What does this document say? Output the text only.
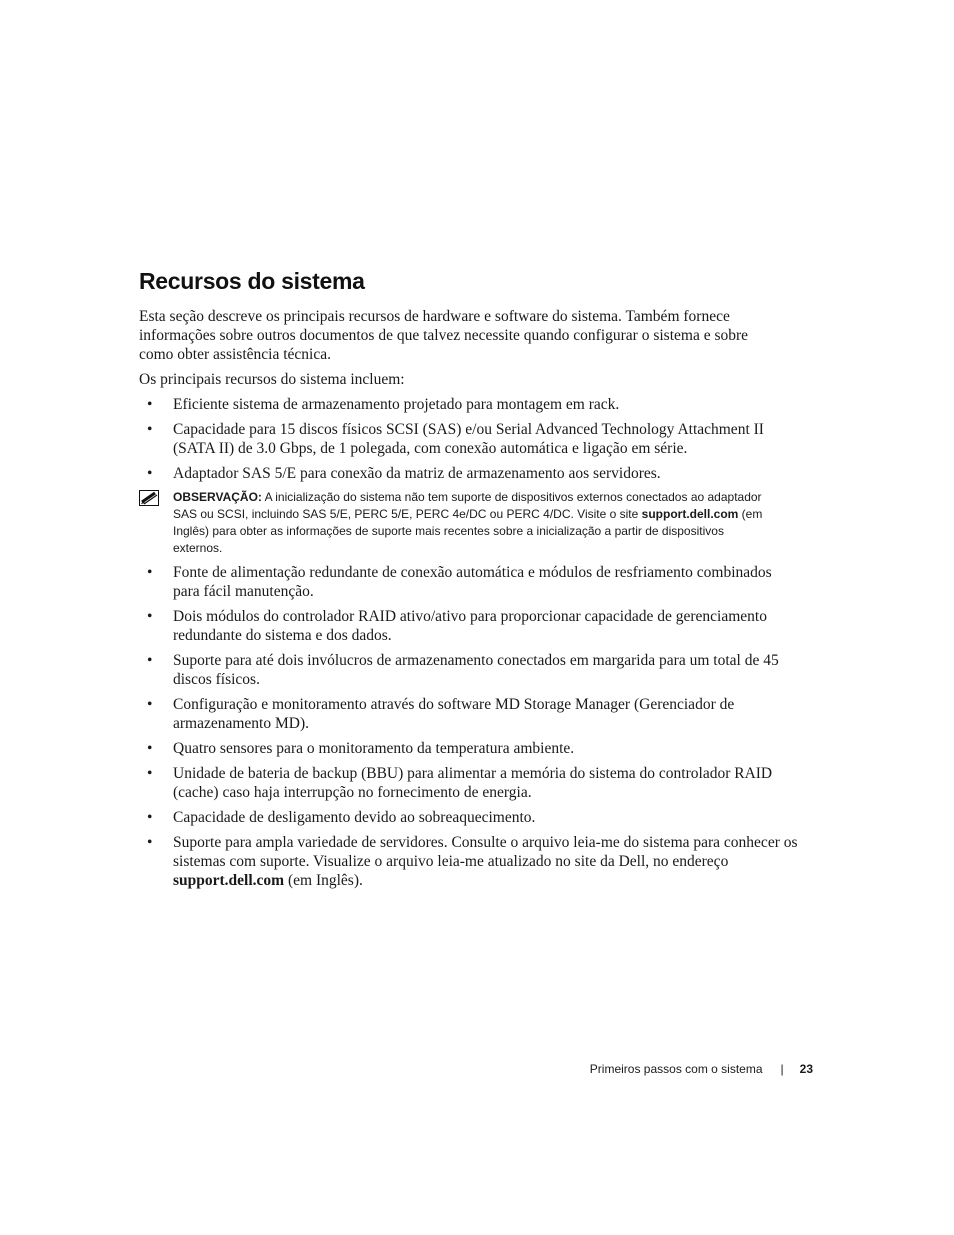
Recursos do sistema

Esta seção descreve os principais recursos de hardware e software do sistema. Também fornece informações sobre outros documentos de que talvez necessite quando configurar o sistema e sobre como obter assistência técnica.

Os principais recursos do sistema incluem:

• Eficiente sistema de armazenamento projetado para montagem em rack.
• Capacidade para 15 discos físicos SCSI (SAS) e/ou Serial Advanced Technology Attachment II (SATA II) de 3.0 Gbps, de 1 polegada, com conexão automática e ligação em série.
• Adaptador SAS 5/E para conexão da matriz de armazenamento aos servidores.
OBSERVAÇÃO: A inicialização do sistema não tem suporte de dispositivos externos conectados ao adaptador SAS ou SCSI, incluindo SAS 5/E, PERC 5/E, PERC 4e/DC ou PERC 4/DC. Visite o site support.dell.com (em Inglês) para obter as informações de suporte mais recentes sobre a inicialização a partir de dispositivos externos.
• Fonte de alimentação redundante de conexão automática e módulos de resfriamento combinados para fácil manutenção.
• Dois módulos do controlador RAID ativo/ativo para proporcionar capacidade de gerenciamento redundante do sistema e dos dados.
• Suporte para até dois invólucros de armazenamento conectados em margarida para um total de 45 discos físicos.
• Configuração e monitoramento através do software MD Storage Manager (Gerenciador de armazenamento MD).
• Quatro sensores para o monitoramento da temperatura ambiente.
• Unidade de bateria de backup (BBU) para alimentar a memória do sistema do controlador RAID (cache) caso haja interrupção no fornecimento de energia.
• Capacidade de desligamento devido ao sobreaquecimento.
• Suporte para ampla variedade de servidores. Consulte o arquivo leia-me do sistema para conhecer os sistemas com suporte. Visualize o arquivo leia-me atualizado no site da Dell, no endereço support.dell.com (em Inglês).
Primeiros passos com o sistema | 23
